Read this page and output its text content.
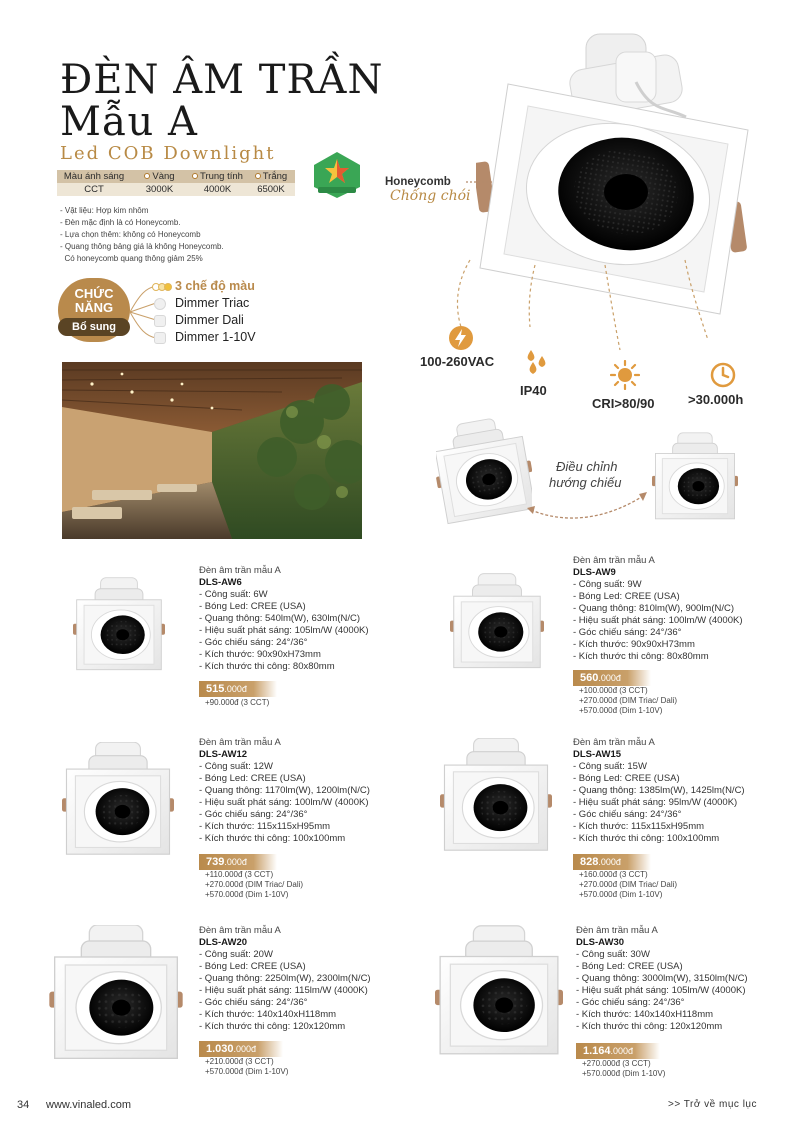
ĐÈN ÂM TRẦN
Mẫu A
Led COB Downlight
Màu ánh sáng	Vàng	Trung tính	Trắng
CCT	3000K	4000K	6500K
- Vật liệu: Hợp kim nhôm
- Đèn mặc định là có Honeycomb.
- Lựa chọn thêm: không có Honeycomb
- Quang thông bảng giá là không Honeycomb.
Có honeycomb quang thông giảm 25%
Honeycomb
Chống chói
CHỨC
NĂNG
Bổ sung
3 chế độ màu
Dimmer Triac
Dimmer Dali
Dimmer 1-10V
100-260VAC
IP40
CRI>80/90	>30.000h
Điều chỉnh
hướng chiếu
Đèn âm trần mẫu A
DLS-AW6
- Công suất: 6W
- Bóng Led: CREE (USA)
- Quang thông: 540lm(W), 630lm(N/C)
- Hiệu suất phát sáng: 105lm/W (4000K)
- Góc chiếu sáng: 24°/36°
- Kích thước: 90x90xH73mm
- Kích thước thi công: 80x80mm
515.000đ
+90.000đ (3 CCT)
Đèn âm trần mẫu A
DLS-AW9
- Công suất: 9W
- Bóng Led: CREE (USA)
- Quang thông: 810lm(W), 900lm(N/C)
- Hiệu suất phát sáng: 100lm/W (4000K)
- Góc chiếu sáng: 24°/36°
- Kích thước: 90x90xH73mm
- Kích thước thi công: 80x80mm
560.000đ
+100.000đ (3 CCT)
+270.000đ (DIM Triac/ Dali)
+570.000đ (Dim 1-10V)
Đèn âm trần mẫu A
DLS-AW12
- Công suất: 12W
- Bóng Led: CREE (USA)
- Quang thông: 1170lm(W), 1200lm(N/C)
- Hiệu suất phát sáng: 100lm/W (4000K)
- Góc chiếu sáng: 24°/36°
- Kích thước: 115x115xH95mm
- Kích thước thi công: 100x100mm
739.000đ
+110.000đ (3 CCT)
+270.000đ (DIM Triac/ Dali)
+570.000đ (Dim 1-10V)
Đèn âm trần mẫu A
DLS-AW15
- Công suất: 15W
- Bóng Led: CREE (USA)
- Quang thông: 1385lm(W), 1425lm(N/C)
- Hiệu suất phát sáng: 95lm/W (4000K)
- Góc chiếu sáng: 24°/36°
- Kích thước: 115x115xH95mm
- Kích thước thi công: 100x100mm
828.000đ
+160.000đ (3 CCT)
+270.000đ (DIM Triac/ Dali)
+570.000đ (Dim 1-10V)
Đèn âm trần mẫu A
DLS-AW20
- Công suất: 20W
- Bóng Led: CREE (USA)
- Quang thông: 2250lm(W), 2300lm(N/C)
- Hiệu suất phát sáng: 115lm/W (4000K)
- Góc chiếu sáng: 24°/36°
- Kích thước: 140x140xH118mm
- Kích thước thi công: 120x120mm
1.030.000đ
+210.000đ (3 CCT)
+570.000đ (Dim 1-10V)
Đèn âm trần mẫu A
DLS-AW30
- Công suất: 30W
- Bóng Led: CREE (USA)
- Quang thông: 3000lm(W), 3150lm(N/C)
- Hiệu suất phát sáng: 105lm/W (4000K)
- Góc chiếu sáng: 24°/36°
- Kích thước: 140x140xH118mm
- Kích thước thi công: 120x120mm
1.164.000đ
+270.000đ (3 CCT)
+570.000đ (Dim 1-10V)
34 www.vinaled.com	>> Trở về mục lục
